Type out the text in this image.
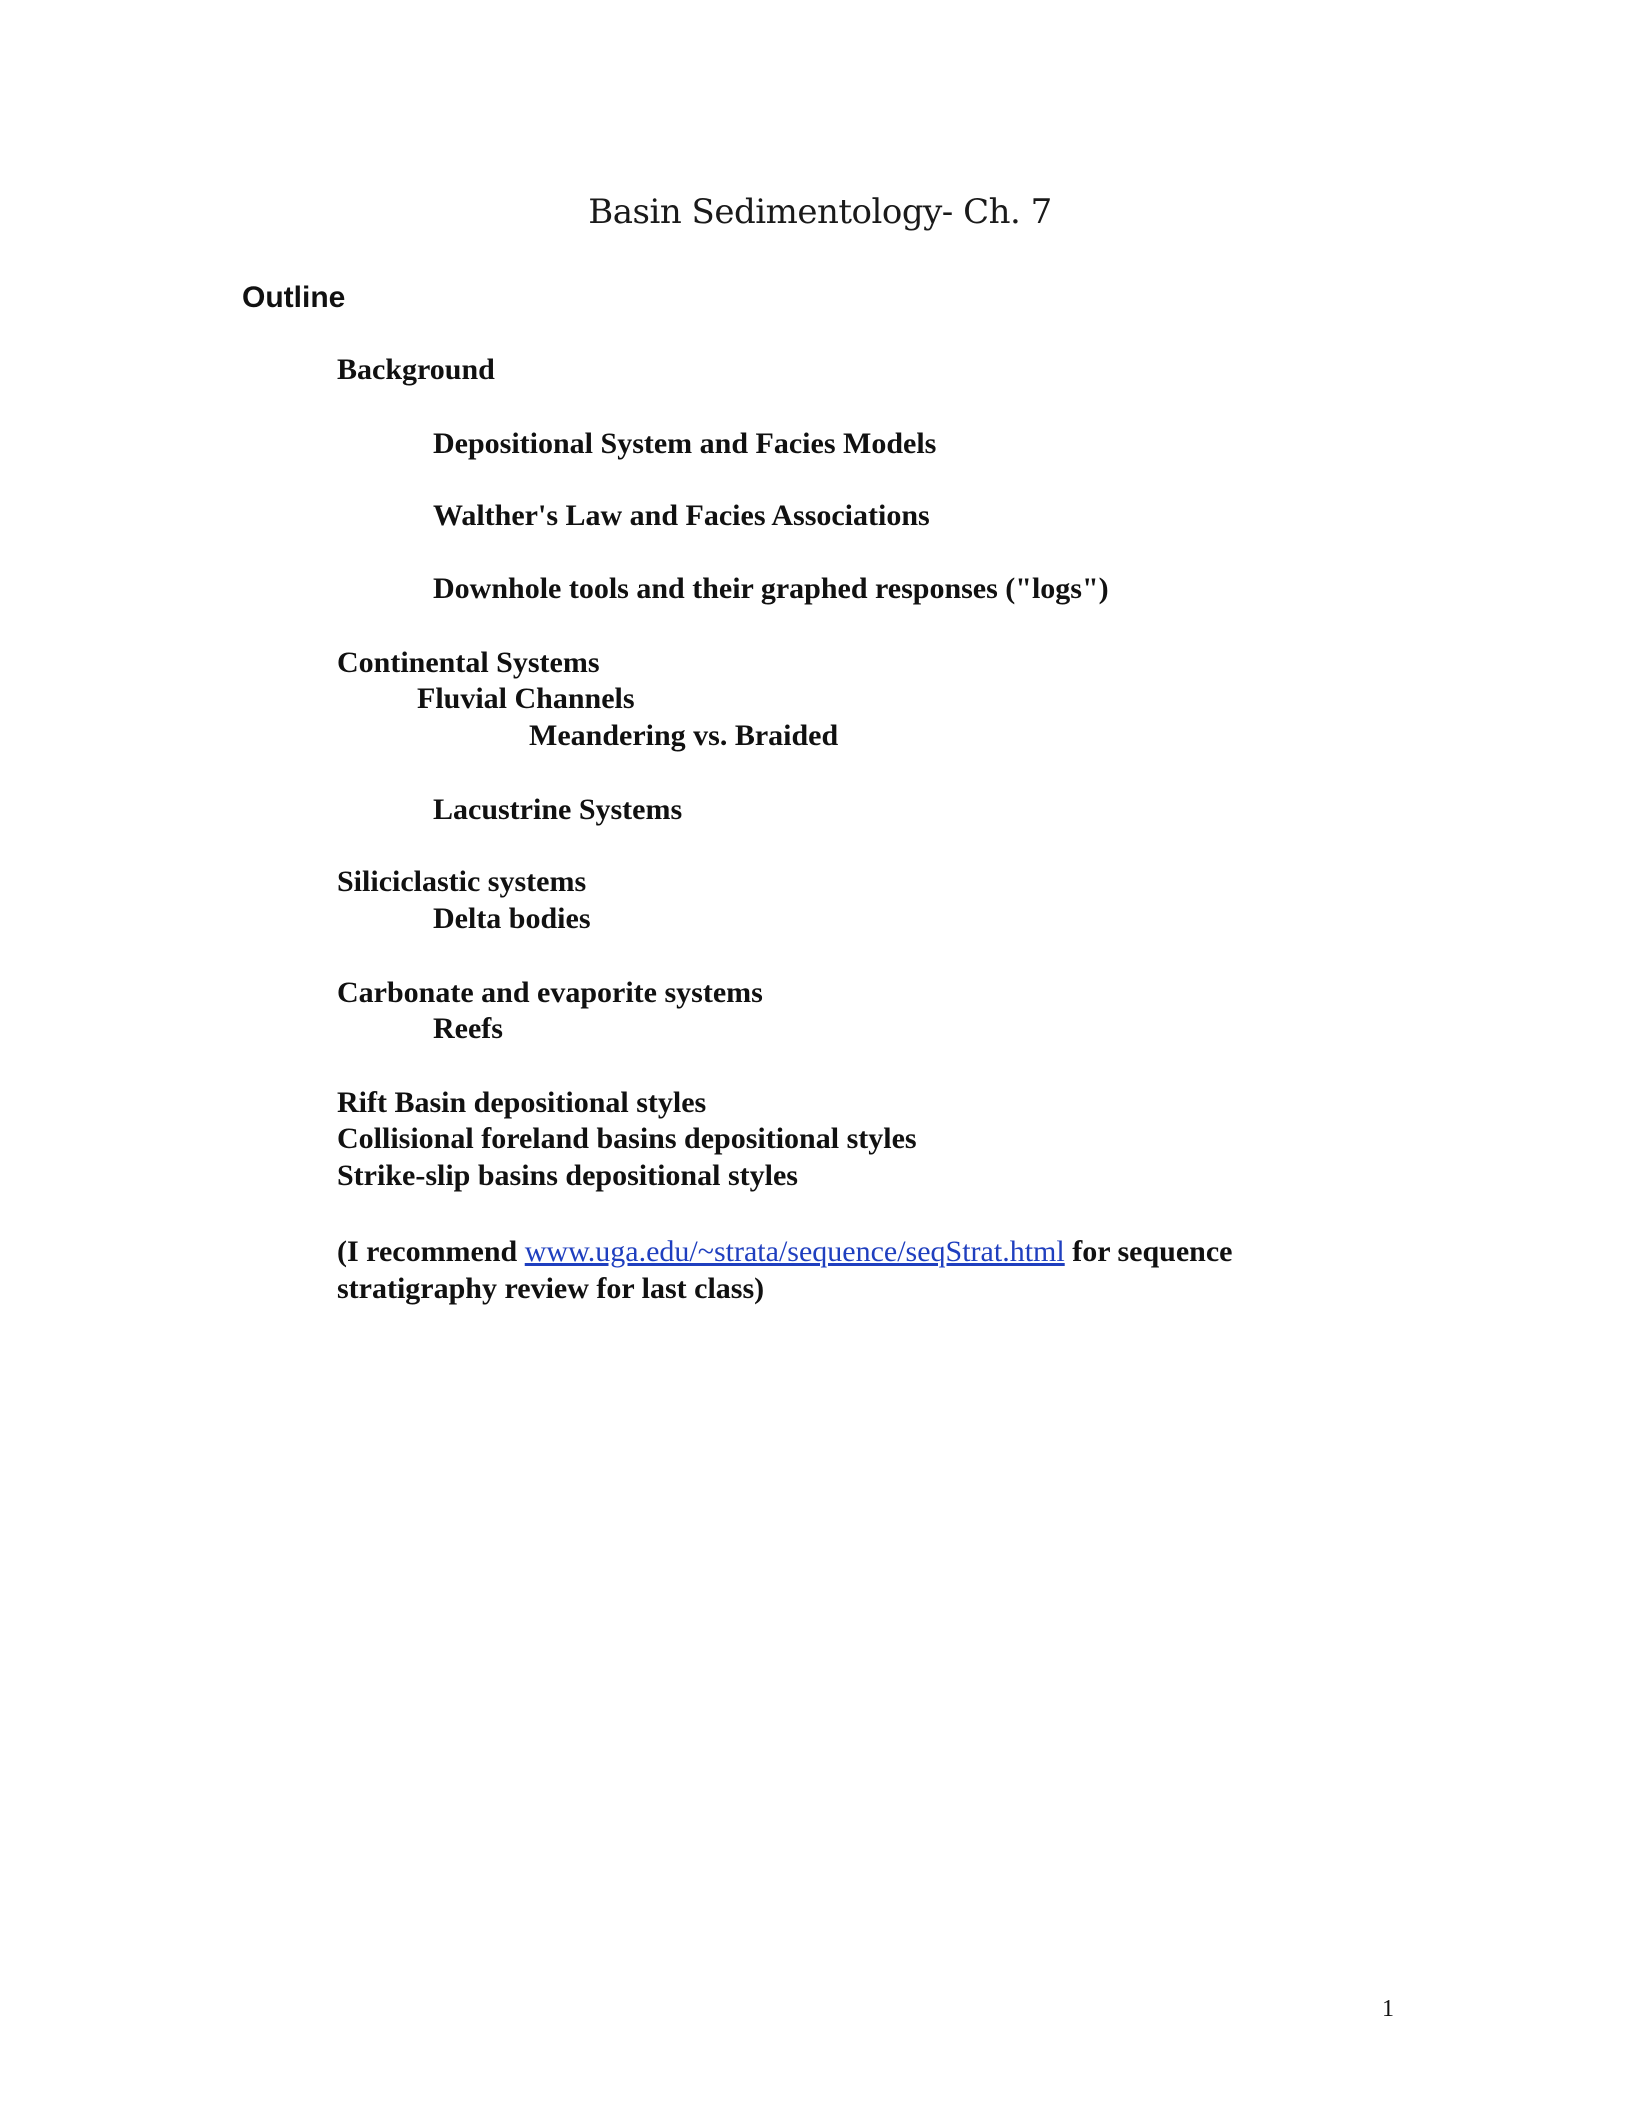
Basin Sedimentology- Ch. 7
Outline
Background
Depositional System and Facies Models
Walther's Law and Facies Associations
Downhole tools and their graphed responses ("logs")
Continental Systems
Fluvial Channels
Meandering vs. Braided
Lacustrine Systems
Siliciclastic systems
Delta bodies
Carbonate and evaporite systems
Reefs
Rift Basin depositional styles
Collisional foreland basins depositional styles
Strike-slip basins depositional styles
(I recommend www.uga.edu/~strata/sequence/seqStrat.html for sequence stratigraphy review for last class)
1
